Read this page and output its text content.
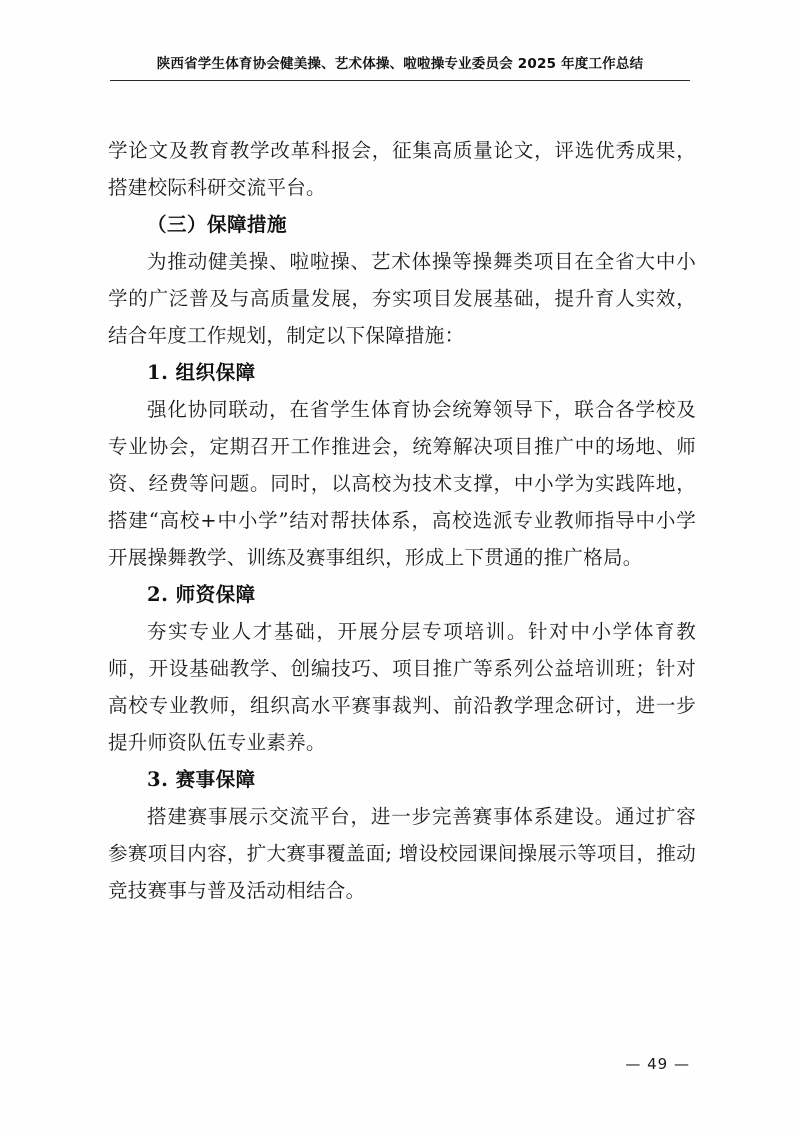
陕西省学生体育协会健美操、艺术体操、啦啦操专业委员会 2025 年度工作总结

学论文及教育教学改革科报会，征集高质量论文，评选优秀成果，搭建校际科研交流平台。

（三）保障措施

为推动健美操、啦啦操、艺术体操等操舞类项目在全省大中小学的广泛普及与高质量发展，夯实项目发展基础，提升育人实效，结合年度工作规划，制定以下保障措施：

1. 组织保障

强化协同联动，在省学生体育协会统筹领导下，联合各学校及专业协会，定期召开工作推进会，统筹解决项目推广中的场地、师资、经费等问题。同时，以高校为技术支撑，中小学为实践阵地，搭建“高校+中小学”结对帮扶体系，高校选派专业教师指导中小学开展操舞教学、训练及赛事组织，形成上下贯通的推广格局。

2. 师资保障

夯实专业人才基础，开展分层专项培训。针对中小学体育教师，开设基础教学、创编技巧、项目推广等系列公益培训班；针对高校专业教师，组织高水平赛事裁判、前沿教学理念研讨，进一步提升师资队伍专业素养。

3. 赛事保障

搭建赛事展示交流平台，进一步完善赛事体系建设。通过扩容参赛项目内容，扩大赛事覆盖面; 增设校园课间操展示等项目，推动竞技赛事与普及活动相结合。

— 49 —
